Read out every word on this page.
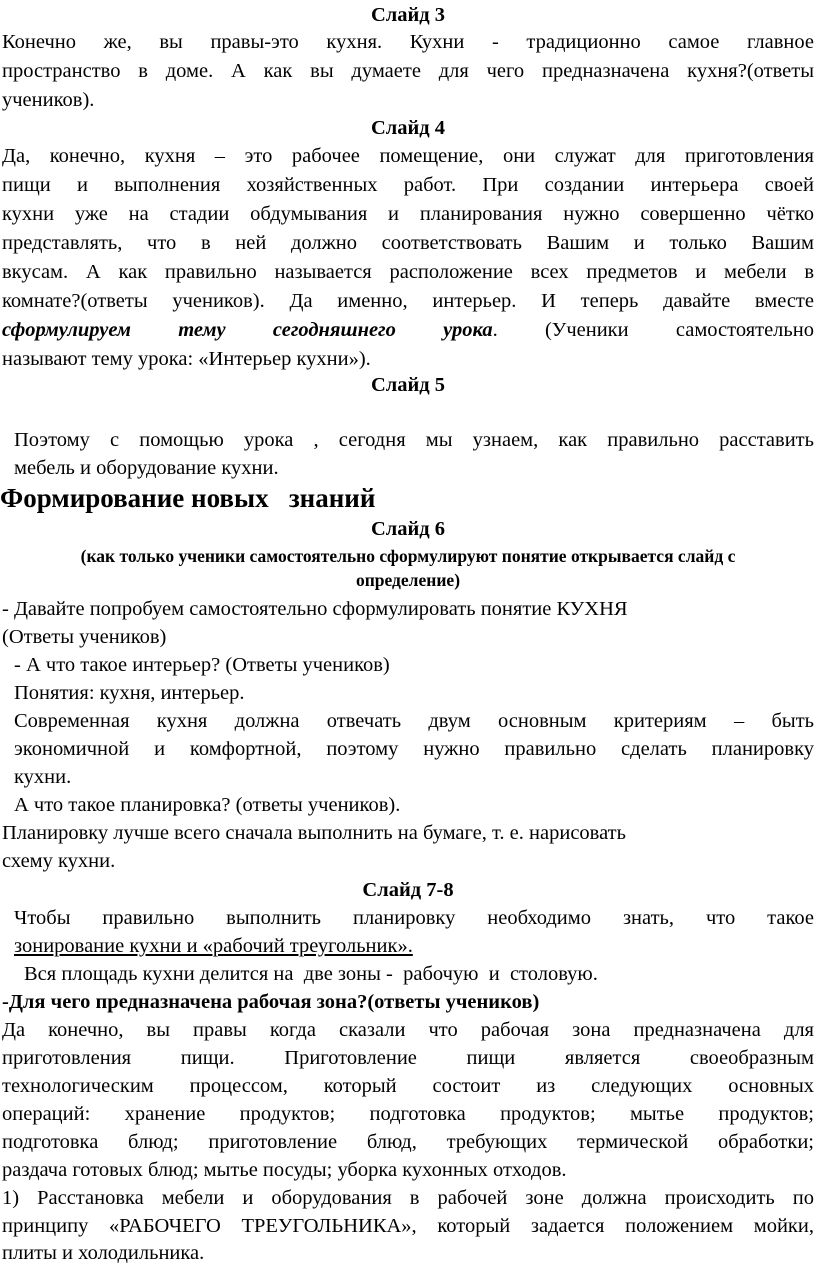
Слайд 3

Конечно же, вы правы-это кухня. Кухни - традиционно самое главное

пространство в доме. А как вы думаете для чего предназначена кухня?(ответы

учеников).

Слайд 4

Да, конечно, кухня – это рабочее помещение, они служат для приготовления

пищи и выполнения хозяйственных работ. При создании интерьера своей

кухни уже на стадии обдумывания и планирования нужно совершенно чётко

представлять, что в ней должно соответствовать Вашим и только Вашим

вкусам. А как правильно называется расположение всех предметов и мебели в

комнате?(ответы учеников). Да именно, интерьер. И теперь давайте вместе

сформулируем тему сегодняшнего урока. (Ученики самостоятельно

называют тему урока: «Интерьер кухни»).

Слайд 5

Поэтому с помощью урока , сегодня мы узнаем, как правильно расставить

мебель и оборудование кухни.

Формирование новых   знаний

Слайд 6

(как только ученики самостоятельно сформулируют понятие открывается слайд с

определение)

- Давайте попробуем самостоятельно сформулировать понятие КУХНЯ

(Ответы учеников)

- А что такое интерьер? (Ответы учеников)

Понятия: кухня, интерьер.

Современная кухня должна отвечать двум основным критериям – быть

экономичной и комфортной, поэтому нужно правильно сделать планировку

кухни.

А что такое планировка? (ответы учеников).

Планировку лучше всего сначала выполнить на бумаге, т. е. нарисовать

схему кухни.

Слайд 7-8

Чтобы правильно выполнить планировку необходимо знать, что такое

зонирование кухни и «рабочий треугольник».

Вся площадь кухни делится на  две зоны -  рабочую  и  столовую.

-Для чего предназначена рабочая зона?(ответы учеников)

Да конечно, вы правы когда сказали что рабочая зона предназначена для

приготовления пищи. Приготовление пищи является своеобразным

технологическим процессом, который состоит из следующих основных

операций: хранение продуктов; подготовка продуктов; мытье продуктов;

подготовка блюд; приготовление блюд, требующих термической обработки;

раздача готовых блюд; мытье посуды; уборка кухонных отходов.

1) Расстановка мебели и оборудования в рабочей зоне должна происходить по

принципу «РАБОЧЕГО ТРЕУГОЛЬНИКА», который задается положением мойки,

плиты и холодильника.
